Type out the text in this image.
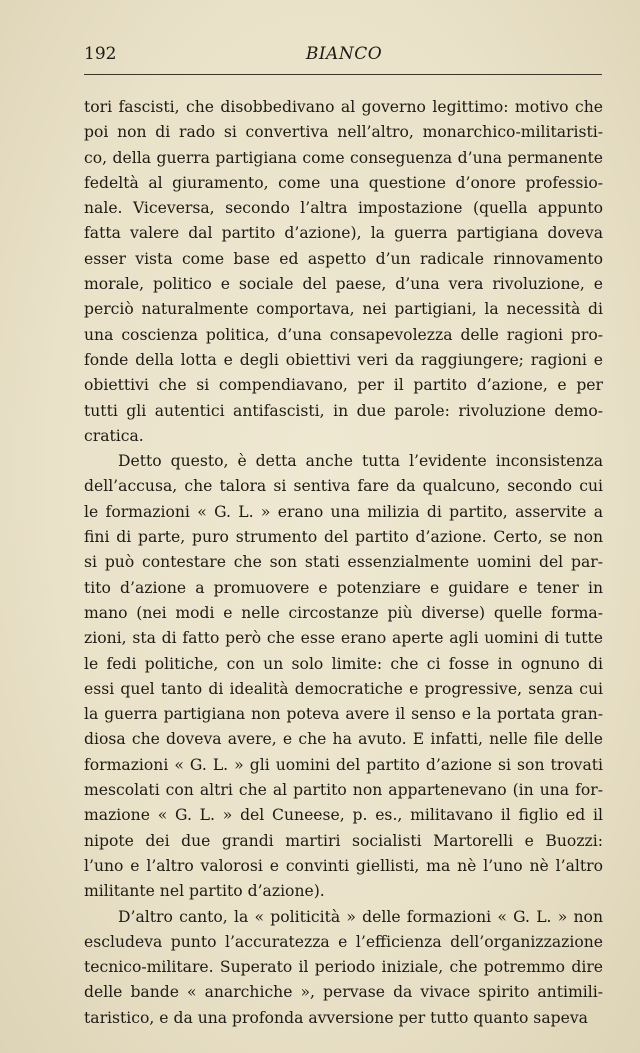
192	BIANCO
tori fascisti, che disobbedivano al governo legittimo: motivo che
poi non di rado si convertiva nell’altro, monarchico-militaristi-
co, della guerra partigiana come conseguenza d’una permanente
fedeltà al giuramento, come una questione d’onore professio-
nale. Viceversa, secondo l’altra impostazione (quella appunto
fatta valere dal partito d’azione), la guerra partigiana doveva
esser vista come base ed aspetto d’un radicale rinnovamento
morale, politico e sociale del paese, d’una vera rivoluzione, e
perciò naturalmente comportava, nei partigiani, la necessità di
una coscienza politica, d’una consapevolezza delle ragioni pro-
fonde della lotta e degli obiettivi veri da raggiungere; ragioni e
obiettivi che si compendiavano, per il partito d’azione, e per
tutti gli autentici antifascisti, in due parole: rivoluzione demo-
cratica.
Detto questo, è detta anche tutta l’evidente inconsistenza
dell’accusa, che talora si sentiva fare da qualcuno, secondo cui
le formazioni « G. L. » erano una milizia di partito, asservite a
fini di parte, puro strumento del partito d’azione. Certo, se non
si può contestare che son stati essenzialmente uomini del par-
tito d’azione a promuovere e potenziare e guidare e tener in
mano (nei modi e nelle circostanze più diverse) quelle forma-
zioni, sta di fatto però che esse erano aperte agli uomini di tutte
le fedi politiche, con un solo limite: che ci fosse in ognuno di
essi quel tanto di idealità democratiche e progressive, senza cui
la guerra partigiana non poteva avere il senso e la portata gran-
diosa che doveva avere, e che ha avuto. E infatti, nelle file delle
formazioni « G. L. » gli uomini del partito d’azione si son trovati
mescolati con altri che al partito non appartenevano (in una for-
mazione « G. L. » del Cuneese, p. es., militavano il figlio ed il
nipote dei due grandi martiri socialisti Martorelli e Buozzi:
l’uno e l’altro valorosi e convinti giellisti, ma nè l’uno nè l’altro
militante nel partito d’azione).
D’altro canto, la « politicità » delle formazioni « G. L. » non
escludeva punto l’accuratezza e l’efficienza dell’organizzazione
tecnico-militare. Superato il periodo iniziale, che potremmo dire
delle bande « anarchiche », pervase da vivace spirito antimili-
taristico, e da una profonda avversione per tutto quanto sapeva
